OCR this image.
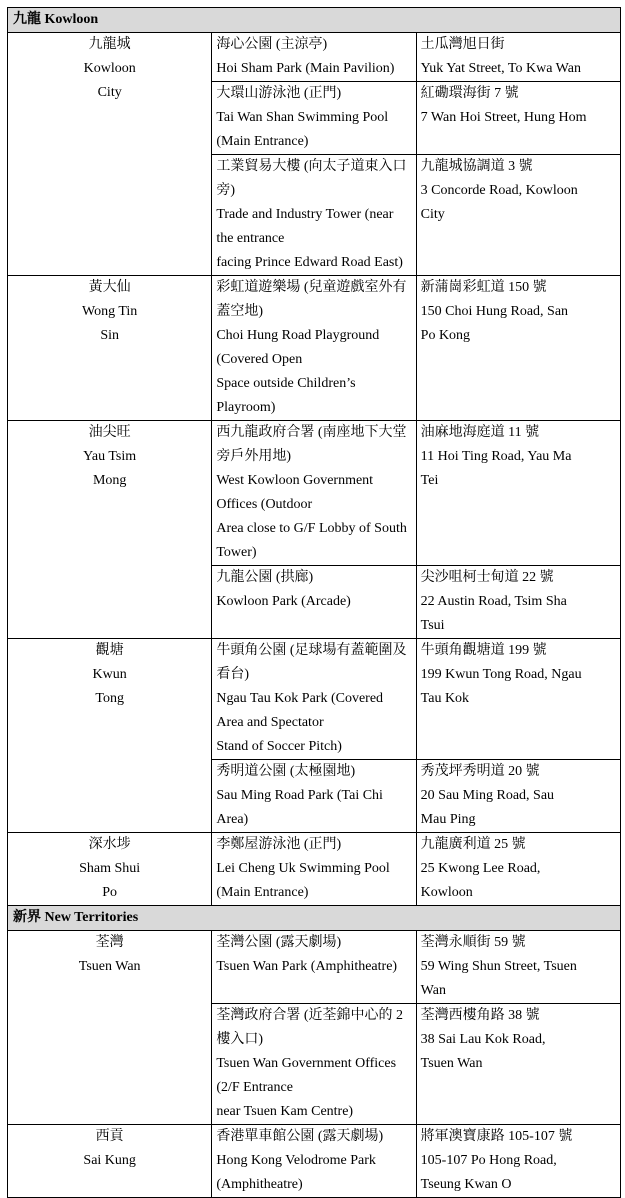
九龍 Kowloon		

九龍城
Kowloon
City	海心公園 (主涼亭)
Hoi Sham Park (Main Pavilion)	土瓜灣旭日街
Yuk Yat Street, To Kwa Wan

	大環山游泳池 (正門)
Tai Wan Shan Swimming Pool (Main Entrance)	紅磡環海街 7 號
7 Wan Hoi Street, Hung Hom

	工業貿易大樓 (向太子道東入口旁)
Trade and Industry Tower (near the entrance
facing Prince Edward Road East)	九龍城協調道 3 號
3 Concorde Road, Kowloon
City

黃大仙
Wong Tin
Sin	彩虹道遊樂場 (兒童遊戲室外有蓋空地)
Choi Hung Road Playground (Covered Open
Space outside Children’s Playroom)	新蒲崗彩虹道 150 號
150 Choi Hung Road, San
Po Kong

油尖旺
Yau Tsim
Mong	西九龍政府合署 (南座地下大堂旁戶外用地)
West Kowloon Government Offices (Outdoor
Area close to G/F Lobby of South Tower)	油麻地海庭道 11 號
11 Hoi Ting Road, Yau Ma
Tei

	九龍公園 (拱廊)
Kowloon Park (Arcade)	尖沙咀柯士甸道 22 號
22 Austin Road, Tsim Sha
Tsui

觀塘
Kwun
Tong	牛頭角公園 (足球場有蓋範圍及看台)
Ngau Tau Kok Park (Covered Area and Spectator
Stand of Soccer Pitch)	牛頭角觀塘道 199 號
199 Kwun Tong Road, Ngau
Tau Kok

	秀明道公園 (太極園地)
Sau Ming Road Park (Tai Chi Area)	秀茂坪秀明道 20 號
20 Sau Ming Road, Sau
Mau Ping

深水埗
Sham Shui
Po	李鄭屋游泳池 (正門)
Lei Cheng Uk Swimming Pool (Main Entrance)	九龍廣利道 25 號
25 Kwong Lee Road,
Kowloon

新界 New Territories		

荃灣
Tsuen Wan	荃灣公園 (露天劇場)
Tsuen Wan Park (Amphitheatre)	荃灣永順街 59 號
59 Wing Shun Street, Tsuen
Wan

	荃灣政府合署 (近荃錦中心的 2 樓入口)
Tsuen Wan Government Offices (2/F Entrance
near Tsuen Kam Centre)	荃灣西樓角路 38 號
38 Sai Lau Kok Road,
Tsuen Wan

西貢
Sai Kung	香港單車館公園 (露天劇場)
Hong Kong Velodrome Park (Amphitheatre)	將軍澳寶康路 105-107 號
105-107 Po Hong Road,
Tseung Kwan O
